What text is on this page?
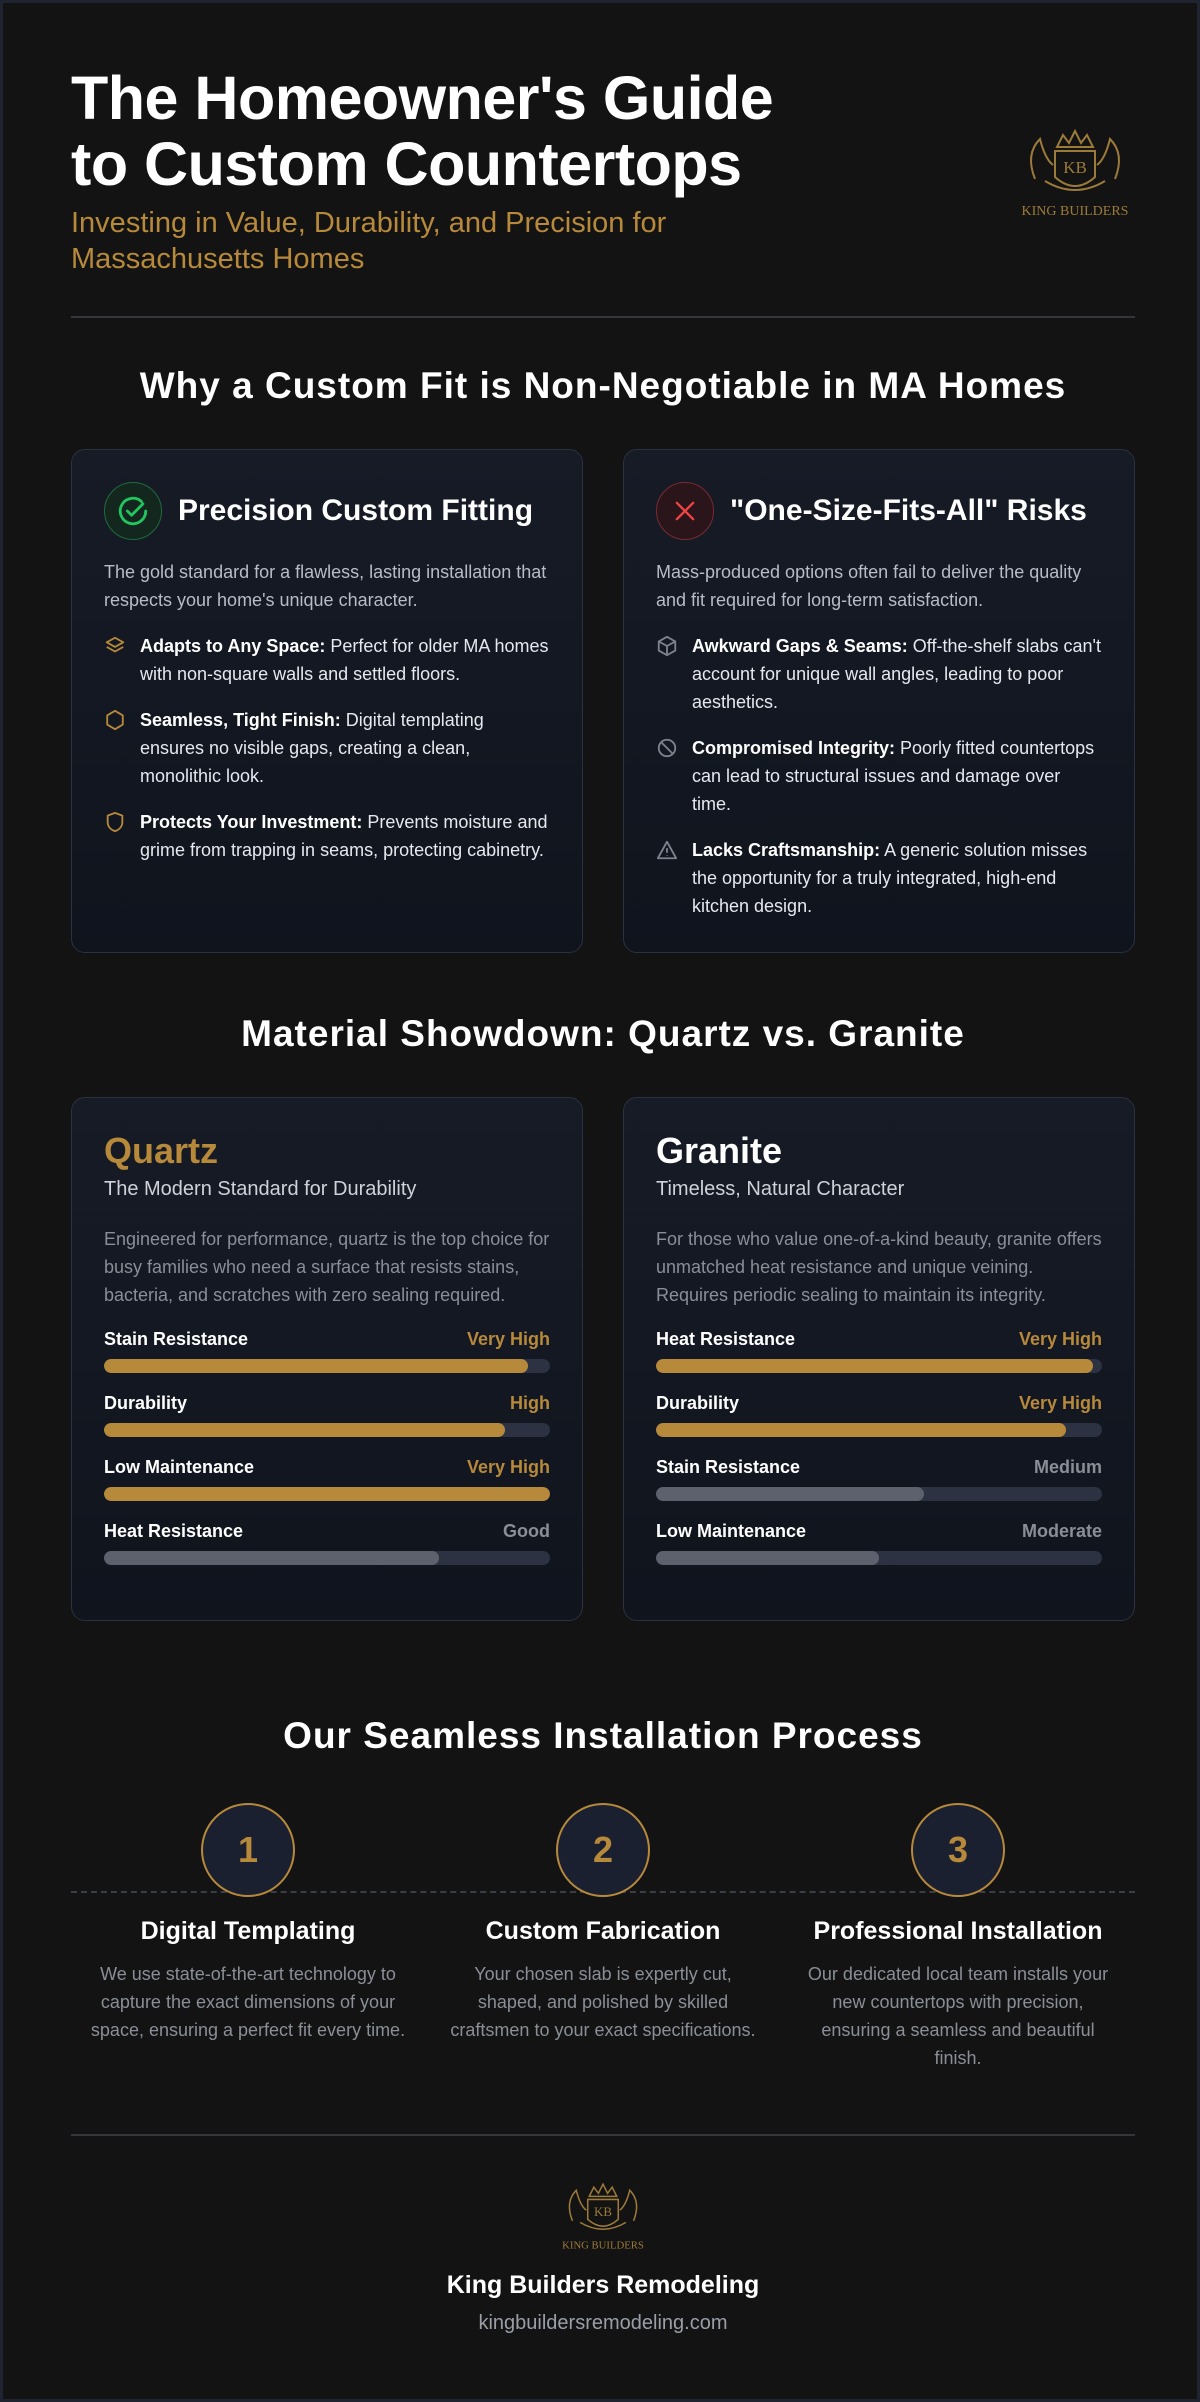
The Homeowner's Guide to Custom Countertops
Investing in Value, Durability, and Precision for Massachusetts Homes
KB
KING BUILDERS
Why a Custom Fit is Non-Negotiable in MA Homes
Precision Custom Fitting
The gold standard for a flawless, lasting installation that respects your home's unique character.
Adapts to Any Space: Perfect for older MA homes with non-square walls and settled floors.
Seamless, Tight Finish: Digital templating ensures no visible gaps, creating a clean, monolithic look.
Protects Your Investment: Prevents moisture and grime from trapping in seams, protecting cabinetry.
"One-Size-Fits-All" Risks
Mass-produced options often fail to deliver the quality and fit required for long-term satisfaction.
Awkward Gaps & Seams: Off-the-shelf slabs can't account for unique wall angles, leading to poor aesthetics.
Compromised Integrity: Poorly fitted countertops can lead to structural issues and damage over time.
Lacks Craftsmanship: A generic solution misses the opportunity for a truly integrated, high-end kitchen design.
Material Showdown: Quartz vs. Granite
Quartz
The Modern Standard for Durability
Engineered for performance, quartz is the top choice for busy families who need a surface that resists stains, bacteria, and scratches with zero sealing required.
Stain Resistance	Very High
Durability	High
Low Maintenance	Very High
Heat Resistance	Good
Granite
Timeless, Natural Character
For those who value one-of-a-kind beauty, granite offers unmatched heat resistance and unique veining. Requires periodic sealing to maintain its integrity.
Heat Resistance	Very High
Durability	Very High
Stain Resistance	Medium
Low Maintenance	Moderate
Our Seamless Installation Process
1
Digital Templating
We use state-of-the-art technology to capture the exact dimensions of your space, ensuring a perfect fit every time.
2
Custom Fabrication
Your chosen slab is expertly cut, shaped, and polished by skilled craftsmen to your exact specifications.
3
Professional Installation
Our dedicated local team installs your new countertops with precision, ensuring a seamless and beautiful finish.
KB
KING BUILDERS
King Builders Remodeling
kingbuildersremodeling.com
